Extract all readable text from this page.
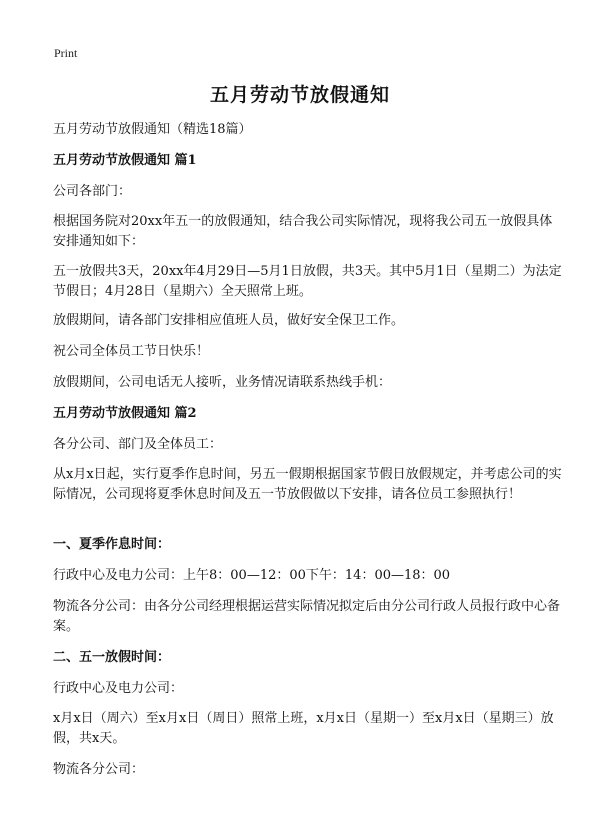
Print
五月劳动节放假通知
五月劳动节放假通知（精选18篇）
五月劳动节放假通知 篇1
公司各部门：
根据国务院对20xx年五一的放假通知，结合我公司实际情况，现将我公司五一放假具体安排通知如下：
五一放假共3天，20xx年4月29日—5月1日放假，共3天。其中5月1日（星期二）为法定节假日；4月28日（星期六）全天照常上班。
放假期间，请各部门安排相应值班人员，做好安全保卫工作。
祝公司全体员工节日快乐！
放假期间，公司电话无人接听，业务情况请联系热线手机：
五月劳动节放假通知 篇2
各分公司、部门及全体员工：
从x月x日起，实行夏季作息时间，另五一假期根据国家节假日放假规定，并考虑公司的实际情况，公司现将夏季休息时间及五一节放假做以下安排，请各位员工参照执行！
一、夏季作息时间：
行政中心及电力公司：上午8：00—12：00下午：14：00—18：00
物流各分公司：由各分公司经理根据运营实际情况拟定后由分公司行政人员报行政中心备案。
二、五一放假时间：
行政中心及电力公司：
x月x日（周六）至x月x日（周日）照常上班，x月x日（星期一）至x月x日（星期三）放假，共x天。
物流各分公司：
